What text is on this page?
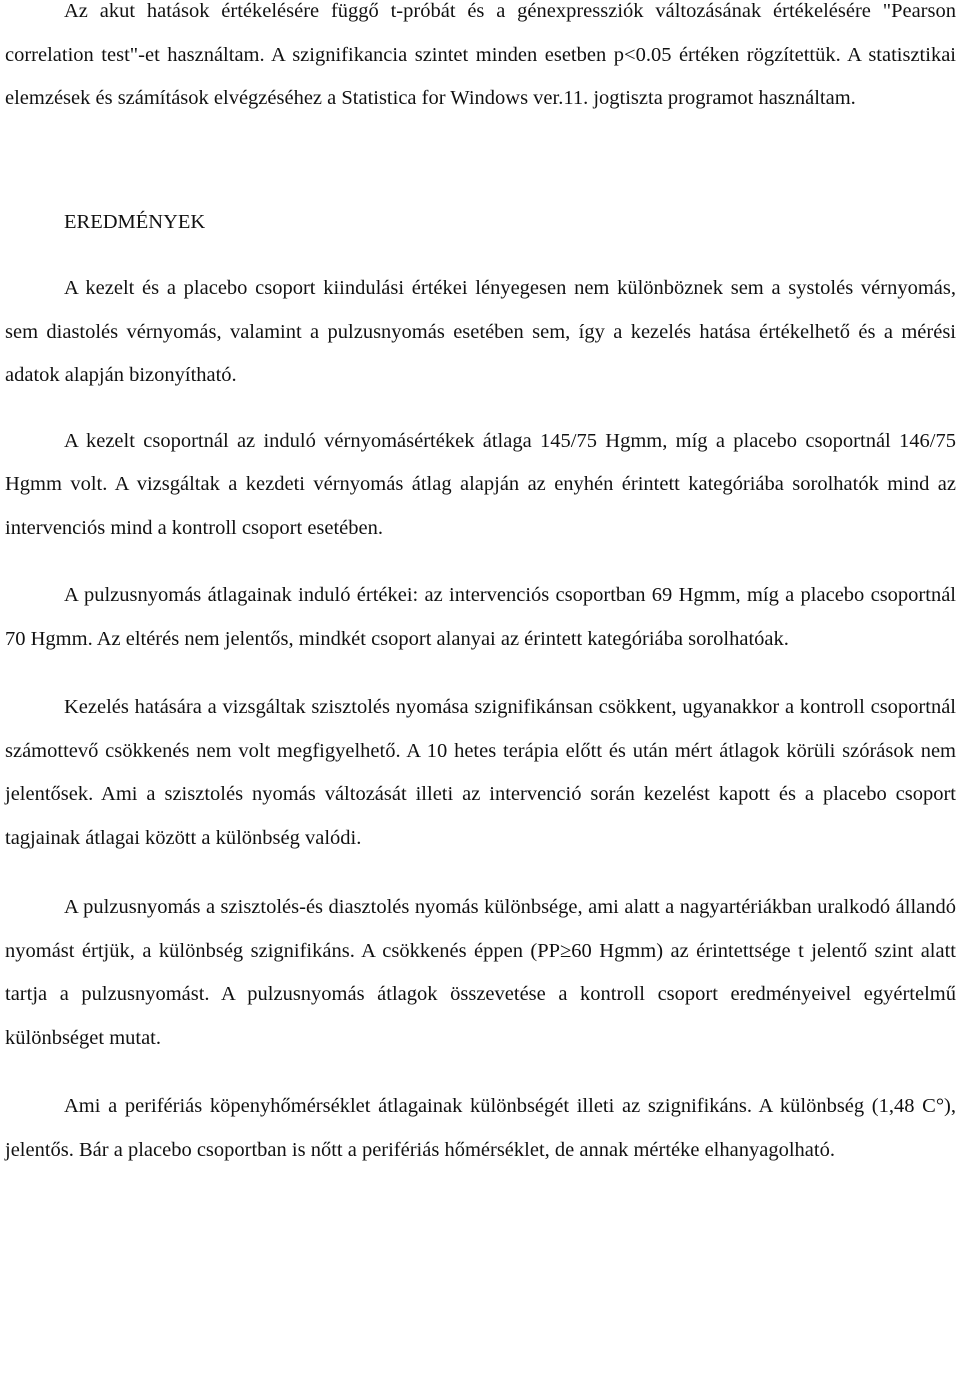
Az akut hatások értékelésére függő t-próbát és a génexpressziók változásának értékelésére "Pearson correlation test"-et használtam. A szignifikancia szintet minden esetben p<0.05 értéken rögzítettük. A statisztikai elemzések és számítások elvégzéséhez a Statistica for Windows ver.11. jogtiszta programot használtam.

EREDMÉNYEK

A kezelt és a placebo csoport kiindulási értékei lényegesen nem különböznek sem a systolés vérnyomás, sem diastolés vérnyomás, valamint a pulzusnyomás esetében sem, így a kezelés hatása értékelhető és a mérési adatok alapján bizonyítható.

A kezelt csoportnál az induló vérnyomásértékek átlaga 145/75 Hgmm, míg a placebo csoportnál 146/75 Hgmm volt. A vizsgáltak a kezdeti vérnyomás átlag alapján az enyhén érintett kategóriába sorolhatók mind az intervenciós mind a kontroll csoport esetében.

A pulzusnyomás átlagainak induló értékei: az intervenciós csoportban 69 Hgmm, míg a placebo csoportnál 70 Hgmm. Az eltérés nem jelentős, mindkét csoport alanyai az érintett kategóriába sorolhatóak.

Kezelés hatására a vizsgáltak szisztolés nyomása szignifikánsan csökkent, ugyanakkor a kontroll csoportnál számottevő csökkenés nem volt megfigyelhető. A 10 hetes terápia előtt és után mért átlagok körüli szórások nem jelentősek. Ami a szisztolés nyomás változását illeti az intervenció során kezelést kapott és a placebo csoport tagjainak átlagai között a különbség valódi.

A pulzusnyomás a szisztolés-és diasztolés nyomás különbsége, ami alatt a nagyartériákban uralkodó állandó nyomást értjük, a különbség szignifikáns. A csökkenés éppen (PP≥60 Hgmm) az érintettsége t jelentő szint alatt tartja a pulzusnyomást. A pulzusnyomás átlagok összevetése a kontroll csoport eredményeivel egyértelmű különbséget mutat.

Ami a perifériás köpenyhőmérséklet átlagainak különbségét illeti az szignifikáns. A különbség (1,48 C°), jelentős. Bár a placebo csoportban is nőtt a perifériás hőmérséklet, de annak mértéke elhanyagolható.
